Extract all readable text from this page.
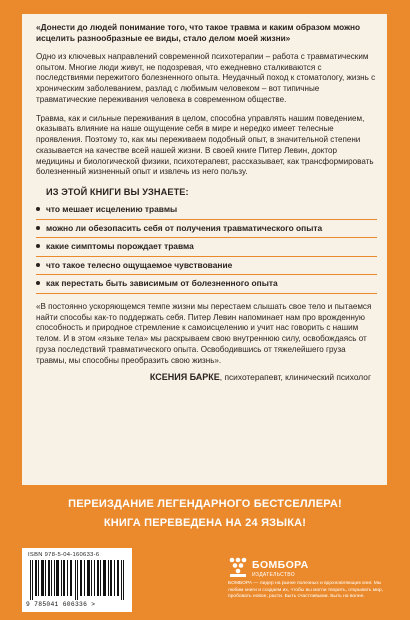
«Донести до людей понимание того, что такое травма и каким образом можно исцелить разнообразные ее виды, стало делом моей жизни»

Одно из ключевых направлений современной психотерапии – работа с травматическим опытом. Многие люди живут, не подозревая, что ежедневно сталкиваются с последствиями пережитого болезненного опыта. Неудачный поход к стоматологу, жизнь с хроническим заболеванием, разлад с любимым человеком – вот типичные травматические переживания человека в современном обществе.

Травма, как и сильные переживания в целом, способна управлять нашим поведением, оказывать влияние на наше ощущение себя в мире и нередко имеет телесные проявления. Поэтому то, как мы переживаем подобный опыт, в значительной степени сказывается на качестве всей нашей жизни. В своей книге Питер Левин, доктор медицины и биологической физики, психотерапевт, рассказывает, как трансформировать болезненный жизненный опыт и извлечь из него пользу.

ИЗ ЭТОЙ КНИГИ ВЫ УЗНАЕТЕ:
что мешает исцелению травмы
можно ли обезопасить себя от получения травматического опыта
какие симптомы порождает травма
что такое телесно ощущаемое чувствование
как перестать быть зависимым от болезненного опыта

«В постоянно ускоряющемся темпе жизни мы перестаем слышать свое тело и пытаемся найти способы как-то поддержать себя. Питер Левин напоминает нам про врожденную способность и природное стремление к самоисцелению и учит нас говорить с нашим телом. И в этом «языке тела» мы раскрываем свою внутреннюю силу, освобождаясь от груза последствий травматического опыта. Освободившись от тяжелейшего груза травмы, мы способны преобразить свою жизнь».

КСЕНИЯ БАРКЕ, психотерапевт, клинический психолог
ПЕРЕИЗДАНИЕ ЛЕГЕНДАРНОГО БЕСТСЕЛЛЕРА!
КНИГА ПЕРЕВЕДЕНА НА 24 ЯЗЫКА!
ISBN 978-5-04-160633-6
9 785041 606336 >
БОМБОРА
ИЗДАТЕЛЬСТВО
БОМБОРА — лидер на рынке полезных и вдохновляющих книг. Мы любим книги и создаем их, чтобы вы могли творить, открывать мир, пробовать новое, расти. Быть счастливыми. Быть на волне.
